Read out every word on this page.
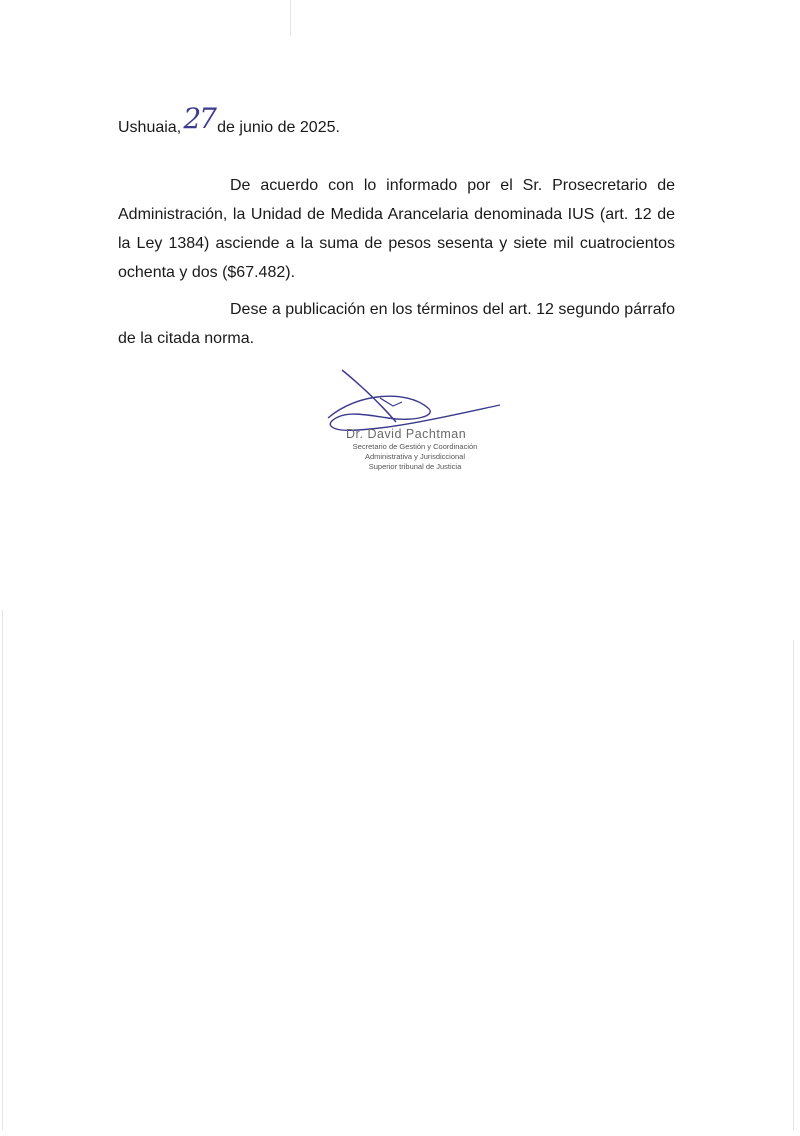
Ushuaia,27 de junio de 2025.

De acuerdo con lo informado por el Sr. Prosecretario de Administración, la Unidad de Medida Arancelaria denominada IUS (art. 12 de la Ley 1384) asciende a la suma de pesos sesenta y siete mil cuatrocientos ochenta y dos ($67.482).

Dese a publicación en los términos del art. 12 segundo párrafo de la citada norma.

Dr. David Pachtman
Secretario de Gestión y Coordinación
Administrativa y Jurisdiccional
Superior tribunal de Justicia
